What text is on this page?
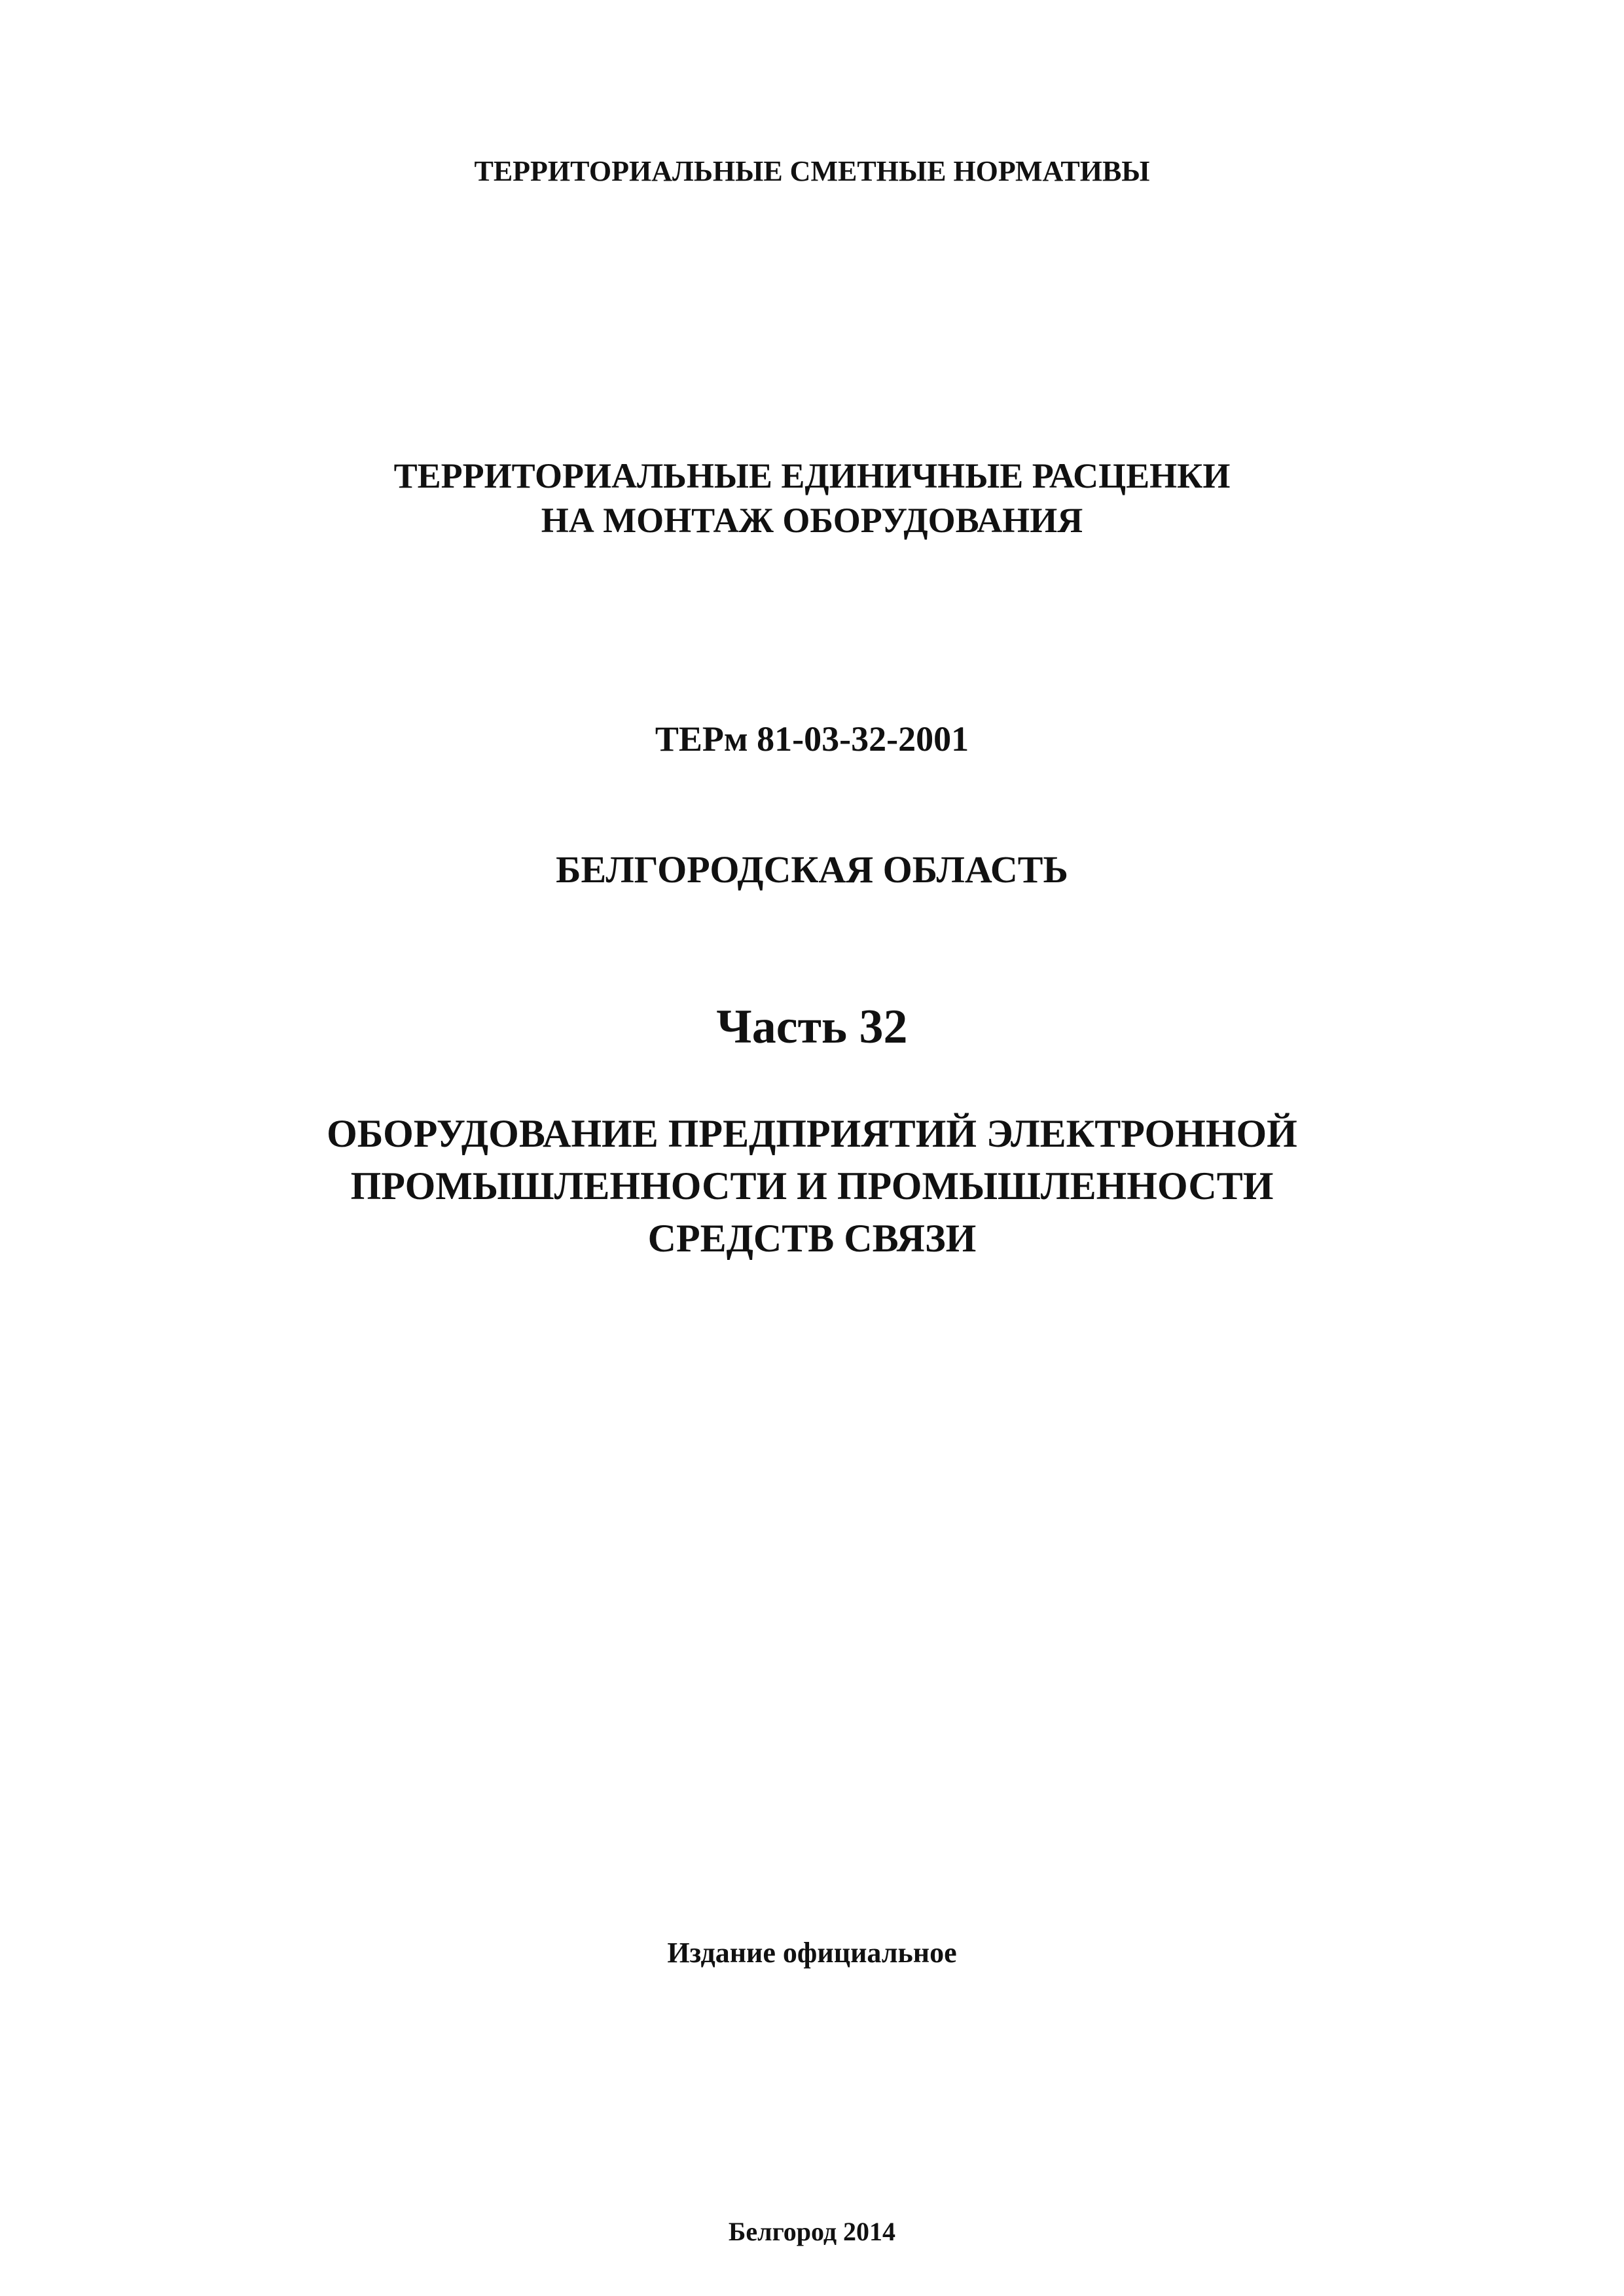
ТЕРРИТОРИАЛЬНЫЕ СМЕТНЫЕ НОРМАТИВЫ
ТЕРРИТОРИАЛЬНЫЕ ЕДИНИЧНЫЕ РАСЦЕНКИ
НА МОНТАЖ ОБОРУДОВАНИЯ
ТЕРм 81-03-32-2001
БЕЛГОРОДСКАЯ ОБЛАСТЬ
Часть 32
ОБОРУДОВАНИЕ ПРЕДПРИЯТИЙ ЭЛЕКТРОННОЙ
ПРОМЫШЛЕННОСТИ И ПРОМЫШЛЕННОСТИ
СРЕДСТВ СВЯЗИ
Издание официальное
Белгород 2014
